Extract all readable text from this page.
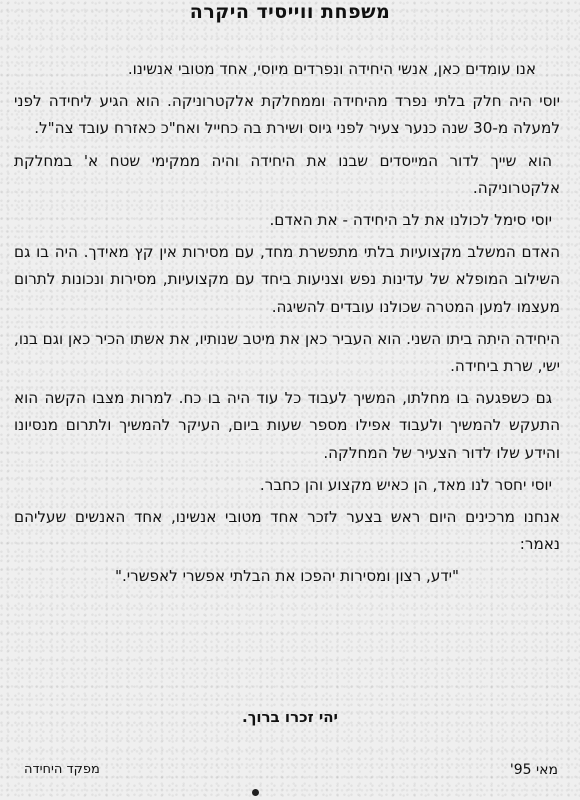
משפחת ווייסיד היקרה

אנו עומדים כאן, אנשי היחידה ונפרדים מיוסי, אחד מטובי אנשינו.

יוסי היה חלק בלתי נפרד מהיחידה וממחלקת אלקטרוניקה. הוא הגיע ליחידה לפני למעלה מ-30 שנה כנער צעיר לפני גיוס ושירת בה כחייל ואח"כ כאזרח עובד צה"ל.

הוא שייך לדור המייסדים שבנו את היחידה והיה ממקימי שטח א' במחלקת אלקטרוניקה.

יוסי סימל לכולנו את לב היחידה - את האדם.

האדם המשלב מקצועיות בלתי מתפשרת מחד, עם מסירות אין קץ מאידך. היה בו גם השילוב המופלא של עדינות נפש וצניעות ביחד עם מקצועיות, מסירות ונכונות לתרום מעצמו למען המטרה שכולנו עובדים להשיגה.

היחידה היתה ביתו השני. הוא העביר כאן את מיטב שנותיו, את אשתו הכיר כאן וגם בנו, ישי, שרת ביחידה.

גם כשפגעה בו מחלתו, המשיך לעבוד כל עוד היה בו כח. למרות מצבו הקשה הוא התעקש להמשיך ולעבוד אפילו מספר שעות ביום, העיקר להמשיך ולתרום מנסיונו והידע שלו לדור הצעיר של המחלקה.

יוסי יחסר לנו מאד, הן כאיש מקצוע והן כחבר.

אנחנו מרכינים היום ראש בצער לזכר אחד מטובי אנשינו, אחד האנשים שעליהם נאמר:

"ידע, רצון ומסירות יהפכו את הבלתי אפשרי לאפשרי."

יהי זכרו ברוך.
מאי 95'
מפקד היחידה
